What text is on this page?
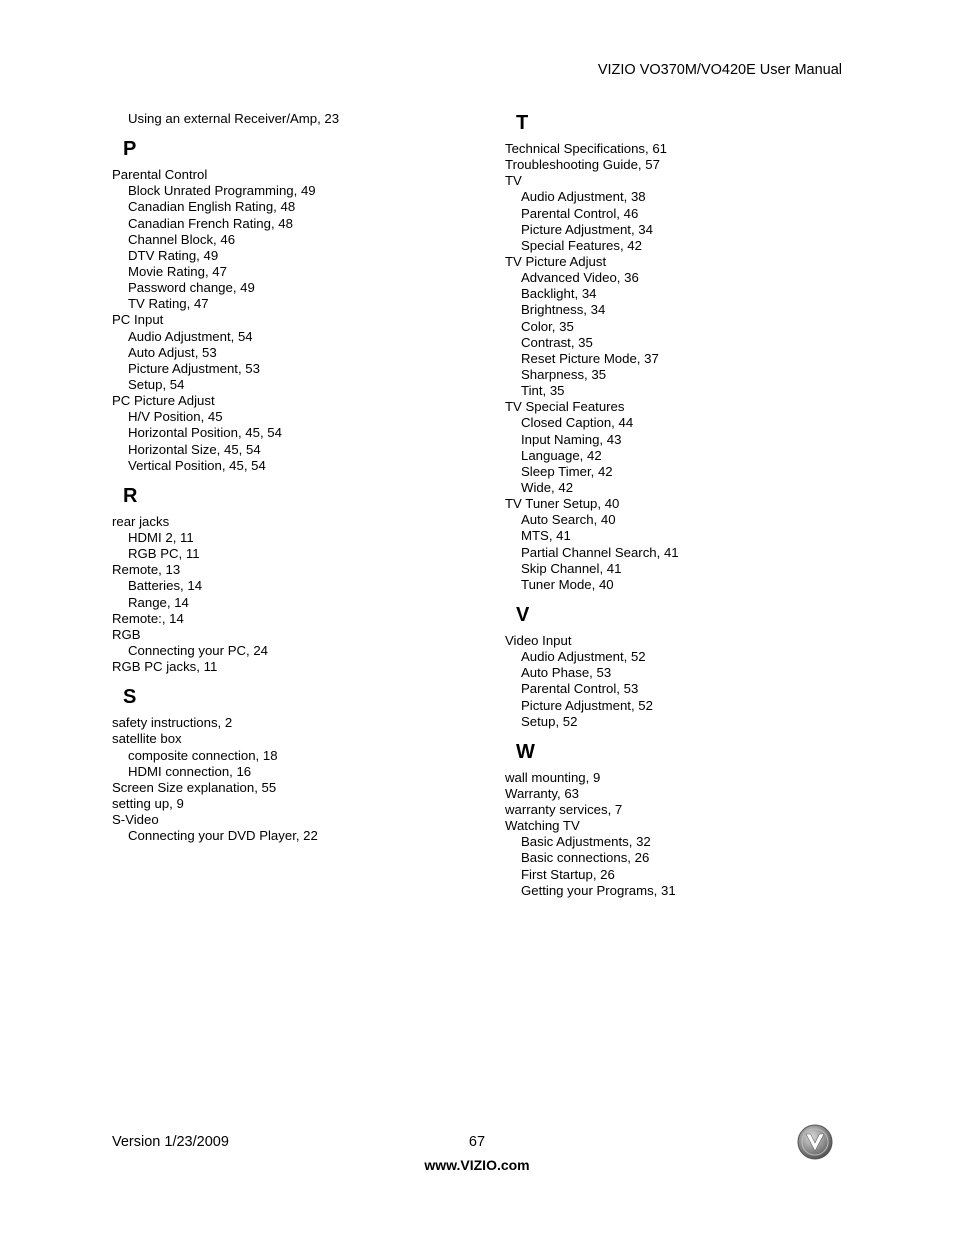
VIZIO VO370M/VO420E User Manual
Using an external Receiver/Amp, 23
P
Parental Control
Block Unrated Programming, 49
Canadian English Rating, 48
Canadian French Rating, 48
Channel Block, 46
DTV Rating, 49
Movie Rating, 47
Password change, 49
TV Rating, 47
PC Input
Audio Adjustment, 54
Auto Adjust, 53
Picture Adjustment, 53
Setup, 54
PC Picture Adjust
H/V Position, 45
Horizontal Position, 45, 54
Horizontal Size, 45, 54
Vertical Position, 45, 54
R
rear jacks
HDMI 2, 11
RGB PC, 11
Remote, 13
Batteries, 14
Range, 14
Remote:, 14
RGB
Connecting your PC, 24
RGB PC jacks, 11
S
safety instructions, 2
satellite box
composite connection, 18
HDMI connection, 16
Screen Size explanation, 55
setting up, 9
S-Video
Connecting your DVD Player, 22
T
Technical Specifications, 61
Troubleshooting Guide, 57
TV
Audio Adjustment, 38
Parental Control, 46
Picture Adjustment, 34
Special Features, 42
TV Picture Adjust
Advanced Video, 36
Backlight, 34
Brightness, 34
Color, 35
Contrast, 35
Reset Picture Mode, 37
Sharpness, 35
Tint, 35
TV Special Features
Closed Caption, 44
Input Naming, 43
Language, 42
Sleep Timer, 42
Wide, 42
TV Tuner Setup, 40
Auto Search, 40
MTS, 41
Partial Channel Search, 41
Skip Channel, 41
Tuner Mode, 40
V
Video Input
Audio Adjustment, 52
Auto Phase, 53
Parental Control, 53
Picture Adjustment, 52
Setup, 52
W
wall mounting, 9
Warranty, 63
warranty services, 7
Watching TV
Basic Adjustments, 32
Basic connections, 26
First Startup, 26
Getting your Programs, 31
Version 1/23/2009	67
www.VIZIO.com
